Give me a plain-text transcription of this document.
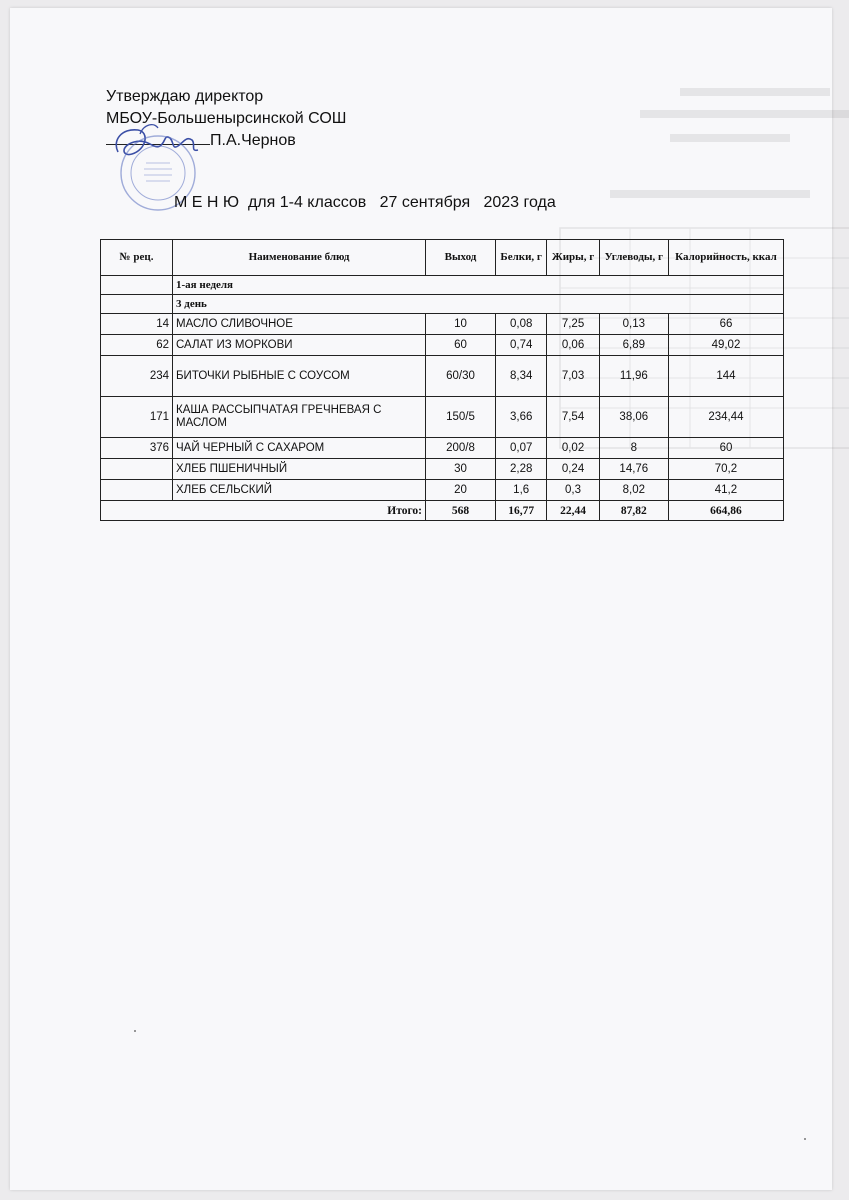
Утверждаю директор
МБОУ-Большенырсинской СОШ
П.А.Чернов
М Е Н Ю  для 1-4 классов   27 сентября   2023 года
№ рец.	Наименование блюд	Выход	Белки, г	Жиры, г	Углеводы, г	Калорийность, ккал
	1-ая неделя					
	3 день					
14	МАСЛО СЛИВОЧНОЕ	10	0,08	7,25	0,13	66
62	САЛАТ ИЗ МОРКОВИ	60	0,74	0,06	6,89	49,02
234	БИТОЧКИ РЫБНЫЕ С СОУСОМ	60/30	8,34	7,03	11,96	144
171	КАША РАССЫПЧАТАЯ ГРЕЧНЕВАЯ С МАСЛОМ	150/5	3,66	7,54	38,06	234,44
376	ЧАЙ ЧЕРНЫЙ С САХАРОМ	200/8	0,07	0,02	8	60
	ХЛЕБ ПШЕНИЧНЫЙ	30	2,28	0,24	14,76	70,2
	ХЛЕБ СЕЛЬСКИЙ	20	1,6	0,3	8,02	41,2
Итого:		568	16,77	22,44	87,82	664,86
